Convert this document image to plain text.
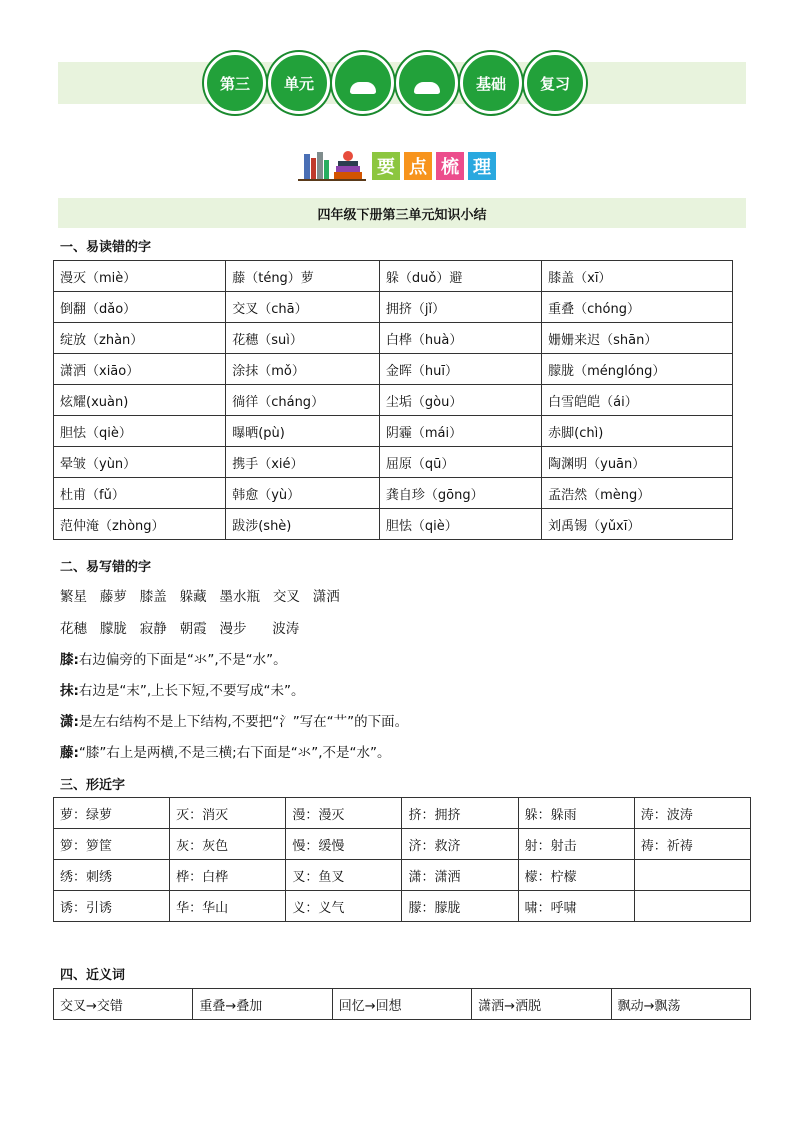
第三	单元	基础	复习
要 点 梳 理
四年级下册第三单元知识小结
一、易读错的字
漫灭（miè）	藤（téng）萝	躲（duǒ）避	膝盖（xī）
倒翻（dǎo）	交叉（chā）	拥挤（jǐ）	重叠（chóng）
绽放（zhàn）	花穗（suì）	白桦（huà）	姗姗来迟（shān）
潇洒（xiāo）	涂抹（mǒ）	金晖（huī）	朦胧（ménglóng）
炫耀(xuàn)	徜徉（cháng）	尘垢（gòu）	白雪皑皑（ái）
胆怯（qiè）	曝晒(pù)	阴霾（mái）	赤脚(chì)
晕皱（yùn）	携手（xié）	屈原（qū）	陶渊明（yuān）
杜甫（fǔ）	韩愈（yù）	龚自珍（gōng）	孟浩然（mèng）
范仲淹（zhòng）	跋涉(shè)	胆怯（qiè）	刘禹锡（yǔxī）
二、易写错的字
繁星   藤萝   膝盖   躲藏   墨水瓶   交叉   潇洒
花穗   朦胧   寂静   朝霞   漫步      波涛
膝:右边偏旁的下面是“氺”,不是“水”。
抹:右边是“末”,上长下短,不要写成“未”。
潇:是左右结构不是上下结构,不要把“氵”写在“艹”的下面。
藤:“膝”右上是两横,不是三横;右下面是“氺”,不是“水”。
三、形近字
萝：绿萝	灭：消灭	漫：漫灭	挤：拥挤	躲：躲雨	涛：波涛
箩：箩筐	灰：灰色	慢：缓慢	济：救济	射：射击	祷：祈祷
绣：刺绣	桦：白桦	叉：鱼叉	潇：潇洒	檬：柠檬	
诱：引诱	华：华山	义：义气	朦：朦胧	啸：呼啸	
四、近义词
交叉→交错	重叠→叠加	回忆→回想	潇洒→洒脱	飘动→飘荡
